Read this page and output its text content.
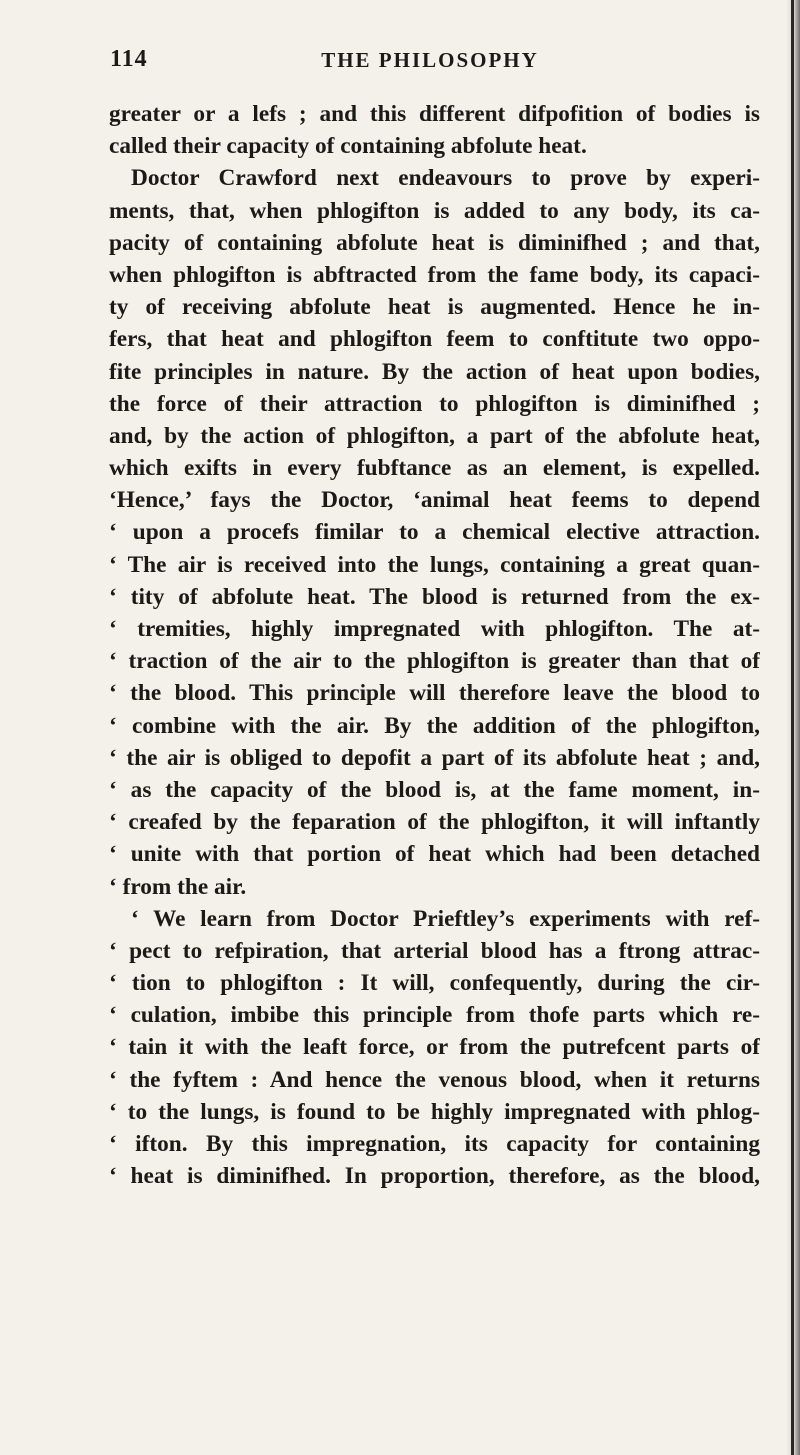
114	THE PHILOSOPHY
greater or a lefs ; and this different difpofition of bodies is
called their capacity of containing abfolute heat.
Doctor Crawford next endeavours to prove by experi-
ments, that, when phlogifton is added to any body, its ca-
pacity of containing abfolute heat is diminifhed ; and that,
when phlogifton is abftracted from the fame body, its capaci-
ty of receiving abfolute heat is augmented. Hence he in-
fers, that heat and phlogifton feem to conftitute two oppo-
fite principles in nature. By the action of heat upon bodies,
the force of their attraction to phlogifton is diminifhed ;
and, by the action of phlogifton, a part of the abfolute heat,
which exifts in every fubftance as an element, is expelled.
‘Hence,’ fays the Doctor, ‘animal heat feems to depend
‘ upon a procefs fimilar to a chemical elective attraction.
‘ The air is received into the lungs, containing a great quan-
‘ tity of abfolute heat. The blood is returned from the ex-
‘ tremities, highly impregnated with phlogifton. The at-
‘ traction of the air to the phlogifton is greater than that of
‘ the blood. This principle will therefore leave the blood to
‘ combine with the air. By the addition of the phlogifton,
‘ the air is obliged to depofit a part of its abfolute heat ; and,
‘ as the capacity of the blood is, at the fame moment, in-
‘ creafed by the feparation of the phlogifton, it will inftantly
‘ unite with that portion of heat which had been detached
‘ from the air.
‘ We learn from Doctor Prieftley’s experiments with ref-
‘ pect to refpiration, that arterial blood has a ftrong attrac-
‘ tion to phlogifton : It will, confequently, during the cir-
‘ culation, imbibe this principle from thofe parts which re-
‘ tain it with the leaft force, or from the putrefcent parts of
‘ the fyftem : And hence the venous blood, when it returns
‘ to the lungs, is found to be highly impregnated with phlog-
‘ ifton. By this impregnation, its capacity for containing
‘ heat is diminifhed. In proportion, therefore, as the blood,
